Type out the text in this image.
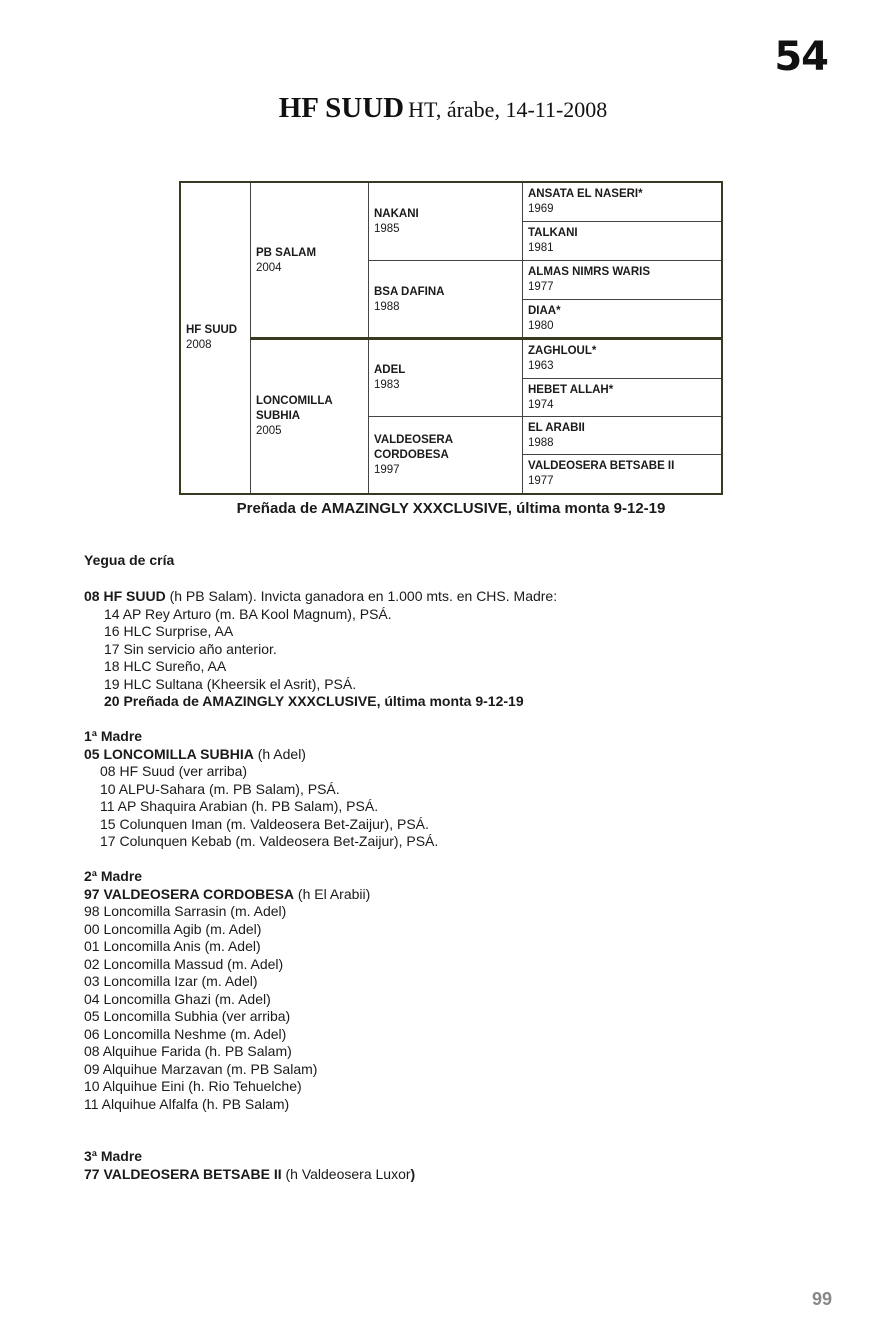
54
HF SUUD HT, árabe, 14-11-2008
HF SUUD
2008
PB SALAM
2004
LONCOMILLA SUBHIA
2005
NAKANI
1985
BSA DAFINA
1988
ADEL
1983
VALDEOSERA CORDOBESA
1997
ANSATA EL NASERI*
1969
TALKANI
1981
ALMAS NIMRS WARIS
1977
DIAA*
1980
ZAGHLOUL*
1963
HEBET ALLAH*
1974
EL ARABII
1988
VALDEOSERA BETSABE II
1977
Preñada de AMAZINGLY XXXCLUSIVE, última monta 9-12-19
Yegua de cría
08 HF SUUD (h PB Salam). Invicta ganadora en 1.000 mts. en CHS. Madre:
14 AP Rey Arturo (m. BA Kool Magnum), PSÁ.
16 HLC Surprise, AA
17 Sin servicio año anterior.
18 HLC Sureño, AA
19 HLC Sultana (Kheersik el Asrit), PSÁ.
20 Preñada de AMAZINGLY XXXCLUSIVE, última monta 9-12-19
1ª Madre
05 LONCOMILLA SUBHIA (h Adel)
08 HF Suud (ver arriba)
10 ALPU-Sahara (m. PB Salam), PSÁ.
11 AP Shaquira Arabian (h. PB Salam), PSÁ.
15 Colunquen Iman (m. Valdeosera Bet-Zaijur), PSÁ.
17 Colunquen Kebab (m. Valdeosera Bet-Zaijur), PSÁ.
2ª Madre
97 VALDEOSERA CORDOBESA (h El Arabii)
98 Loncomilla Sarrasin (m. Adel)
00 Loncomilla Agib (m. Adel)
01 Loncomilla Anis (m. Adel)
02 Loncomilla Massud (m. Adel)
03 Loncomilla Izar (m. Adel)
04 Loncomilla Ghazi (m. Adel)
05 Loncomilla Subhia (ver arriba)
06 Loncomilla Neshme (m. Adel)
08 Alquihue Farida (h. PB Salam)
09 Alquihue Marzavan (m. PB Salam)
10 Alquihue Eini (h. Rio Tehuelche)
11 Alquihue Alfalfa (h. PB Salam)
3ª Madre
77 VALDEOSERA BETSABE II (h Valdeosera Luxor)
99
